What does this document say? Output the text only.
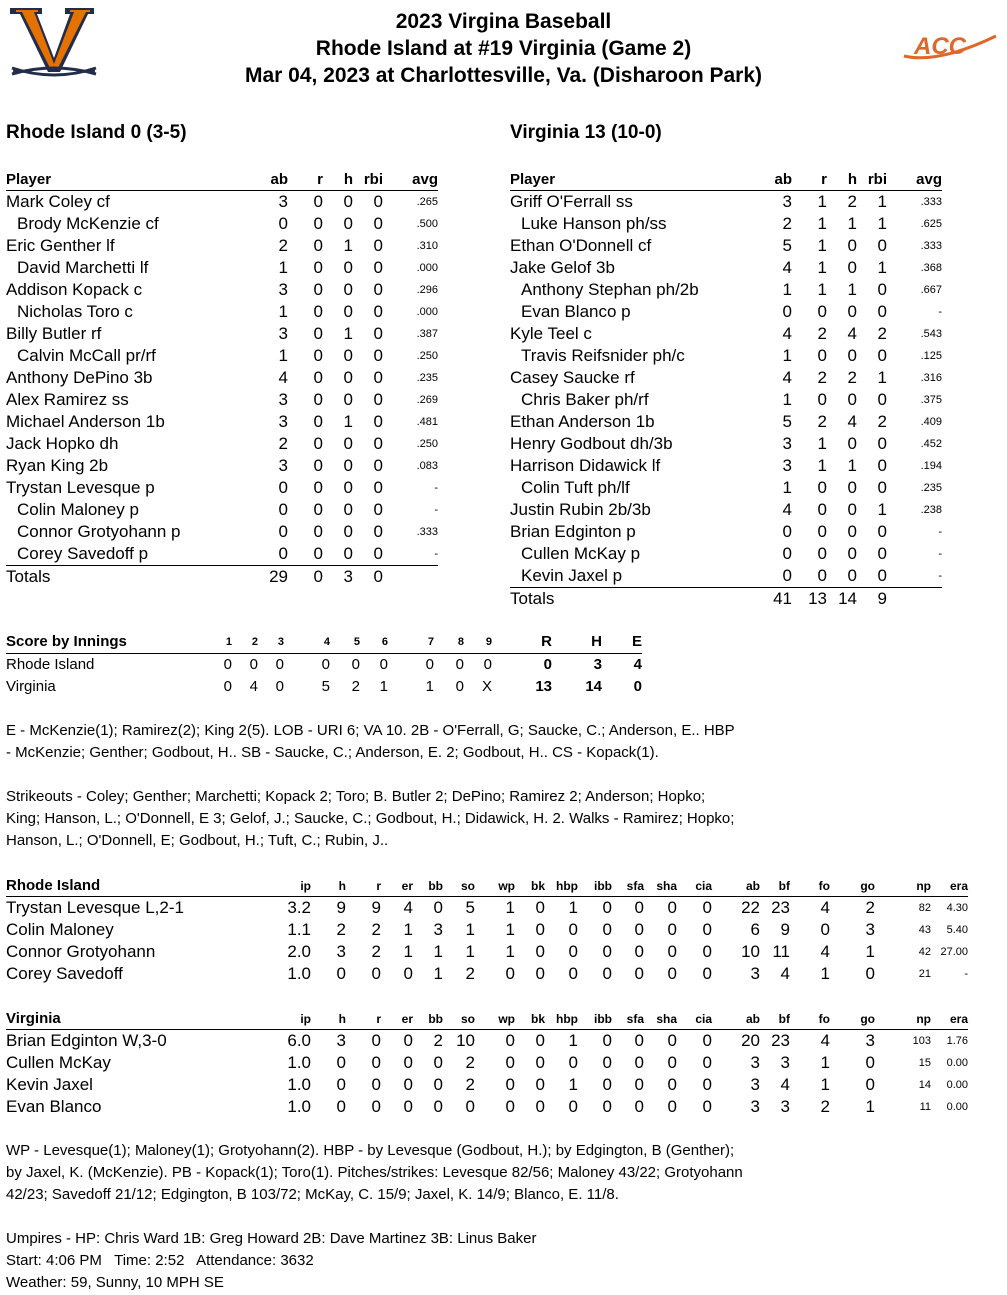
ACC
2023 Virgina Baseball
Rhode Island at #19 Virginia (Game 2)
Mar 04, 2023 at Charlottesville, Va. (Disharoon Park)
Rhode Island 0 (3-5)	Virginia 13 (10-0)
Player	ab	r	h	rbi	avg
Mark Coley cf	3	0	0	0	.265
Brody McKenzie cf	0	0	0	0	.500
Eric Genther lf	2	0	1	0	.310
David Marchetti lf	1	0	0	0	.000
Addison Kopack c	3	0	0	0	.296
Nicholas Toro c	1	0	0	0	.000
Billy Butler rf	3	0	1	0	.387
Calvin McCall pr/rf	1	0	0	0	.250
Anthony DePino 3b	4	0	0	0	.235
Alex Ramirez ss	3	0	0	0	.269
Michael Anderson 1b	3	0	1	0	.481
Jack Hopko dh	2	0	0	0	.250
Ryan King 2b	3	0	0	0	.083
Trystan Levesque p	0	0	0	0	-
Colin Maloney p	0	0	0	0	-
Connor Grotyohann p	0	0	0	0	.333
Corey Savedoff p	0	0	0	0	-
Totals	29	0	3	0	
Player	ab	r	h	rbi	avg
Griff O'Ferrall ss	3	1	2	1	.333
Luke Hanson ph/ss	2	1	1	1	.625
Ethan O'Donnell cf	5	1	0	0	.333
Jake Gelof 3b	4	1	0	1	.368
Anthony Stephan ph/2b	1	1	1	0	.667
Evan Blanco p	0	0	0	0	-
Kyle Teel c	4	2	4	2	.543
Travis Reifsnider ph/c	1	0	0	0	.125
Casey Saucke rf	4	2	2	1	.316
Chris Baker ph/rf	1	0	0	0	.375
Ethan Anderson 1b	5	2	4	2	.409
Henry Godbout dh/3b	3	1	0	0	.452
Harrison Didawick lf	3	1	1	0	.194
Colin Tuft ph/lf	1	0	0	0	.235
Justin Rubin 2b/3b	4	0	0	1	.238
Brian Edginton p	0	0	0	0	-
Cullen McKay p	0	0	0	0	-
Kevin Jaxel p	0	0	0	0	-
Totals	41	13	14	9	
Score by Innings	1	2	3	4	5	6	7	8	9	R	H	E
Rhode Island	0	0	0	0	0	0	0	0	0	0	3	4
Virginia	0	4	0	5	2	1	1	0	X	13	14	0
E - McKenzie(1); Ramirez(2); King 2(5). LOB - URI 6; VA 10. 2B - O'Ferrall, G; Saucke, C.; Anderson, E.. HBP - McKenzie; Genther; Godbout, H.. SB - Saucke, C.; Anderson, E. 2; Godbout, H.. CS - Kopack(1).
Strikeouts - Coley; Genther; Marchetti; Kopack 2; Toro; B. Butler 2; DePino; Ramirez 2; Anderson; Hopko; King; Hanson, L.; O'Donnell, E 3; Gelof, J.; Saucke, C.; Godbout, H.; Didawick, H. 2. Walks - Ramirez; Hopko; Hanson, L.; O'Donnell, E; Godbout, H.; Tuft, C.; Rubin, J..
Rhode Island	ip	h	r	er	bb	so	wp	bk	hbp	ibb	sfa	sha	cia	ab	bf	fo	go	np	era
Trystan Levesque L,2-1	3.2	9	9	4	0	5	1	0	1	0	0	0	0	22	23	4	2	82	4.30
Colin Maloney	1.1	2	2	1	3	1	1	0	0	0	0	0	0	6	9	0	3	43	5.40
Connor Grotyohann	2.0	3	2	1	1	1	1	0	0	0	0	0	0	10	11	4	1	42	27.00
Corey Savedoff	1.0	0	0	0	1	2	0	0	0	0	0	0	0	3	4	1	0	21	-
Virginia	ip	h	r	er	bb	so	wp	bk	hbp	ibb	sfa	sha	cia	ab	bf	fo	go	np	era
Brian Edginton W,3-0	6.0	3	0	0	2	10	0	0	1	0	0	0	0	20	23	4	3	103	1.76
Cullen McKay	1.0	0	0	0	0	2	0	0	0	0	0	0	0	3	3	1	0	15	0.00
Kevin Jaxel	1.0	0	0	0	0	2	0	0	1	0	0	0	0	3	4	1	0	14	0.00
Evan Blanco	1.0	0	0	0	0	0	0	0	0	0	0	0	0	3	3	2	1	11	0.00
WP - Levesque(1); Maloney(1); Grotyohann(2). HBP - by Levesque (Godbout, H.); by Edgington, B (Genther); by Jaxel, K. (McKenzie). PB - Kopack(1); Toro(1). Pitches/strikes: Levesque 82/56; Maloney 43/22; Grotyohann 42/23; Savedoff 21/12; Edgington, B 103/72; McKay, C. 15/9; Jaxel, K. 14/9; Blanco, E. 11/8.
Umpires - HP: Chris Ward 1B: Greg Howard 2B: Dave Martinez 3B: Linus Baker
Start: 4:06 PM   Time: 2:52   Attendance: 3632
Weather: 59, Sunny, 10 MPH SE
